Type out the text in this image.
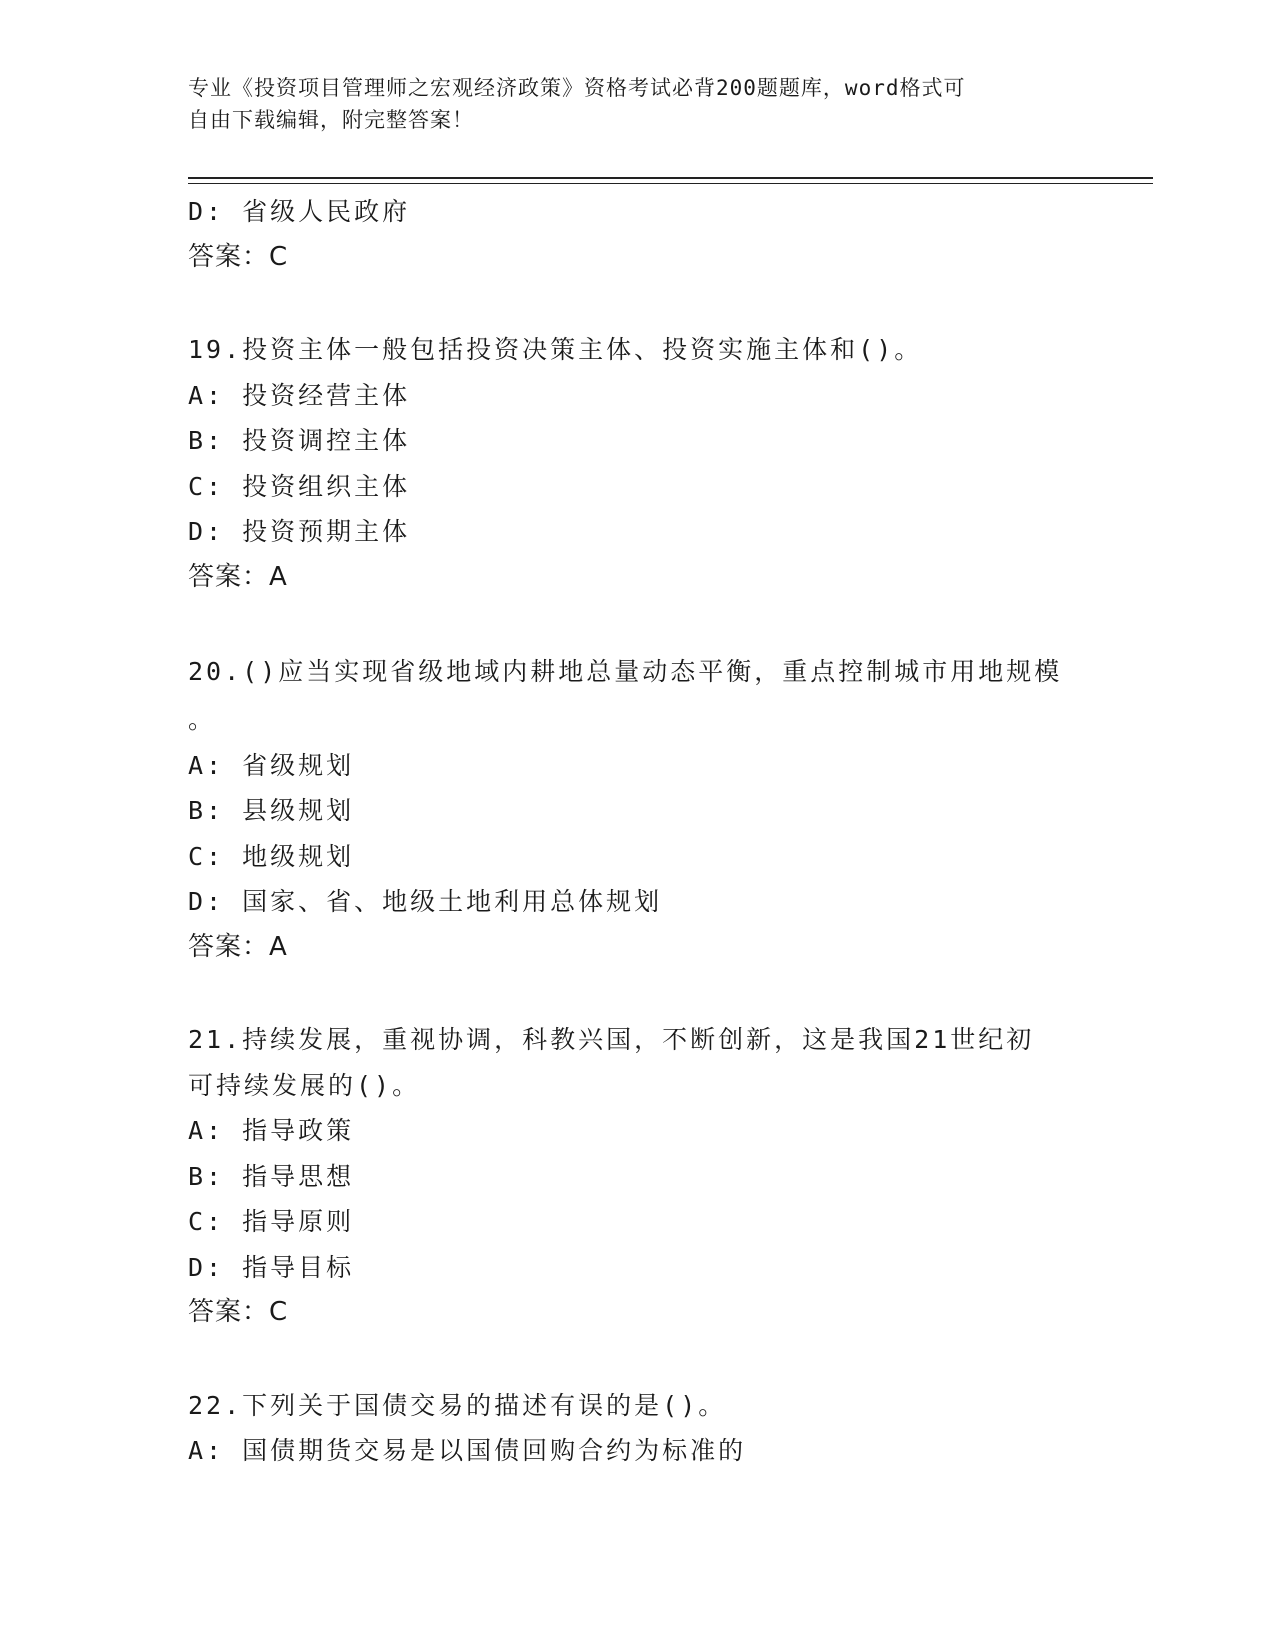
专业《投资项目管理师之宏观经济政策》资格考试必背200题题库，word格式可
自由下载编辑，附完整答案！
D: 省级人民政府
答案：C
19.投资主体一般包括投资决策主体、投资实施主体和()。
A: 投资经营主体
B: 投资调控主体
C: 投资组织主体
D: 投资预期主体
答案：A
20.()应当实现省级地域内耕地总量动态平衡，重点控制城市用地规模
。
A: 省级规划
B: 县级规划
C: 地级规划
D: 国家、省、地级土地利用总体规划
答案：A
21.持续发展，重视协调，科教兴国，不断创新，这是我国21世纪初
可持续发展的()。
A: 指导政策
B: 指导思想
C: 指导原则
D: 指导目标
答案：C
22.下列关于国债交易的描述有误的是()。
A: 国债期货交易是以国债回购合约为标准的
